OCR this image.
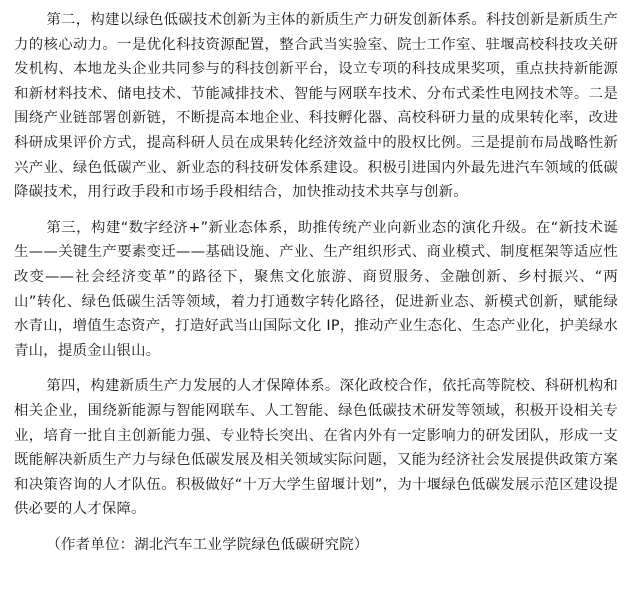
第二，构建以绿色低碳技术创新为主体的新质生产力研发创新体系。科技创新是新质生产力的核心动力。一是优化科技资源配置，整合武当实验室、院士工作室、驻堰高校科技攻关研发机构、本地龙头企业共同参与的科技创新平台，设立专项的科技成果奖项，重点扶持新能源和新材料技术、储电技术、节能减排技术、智能与网联车技术、分布式柔性电网技术等。二是围绕产业链部署创新链，不断提高本地企业、科技孵化器、高校科研力量的成果转化率，改进科研成果评价方式，提高科研人员在成果转化经济效益中的股权比例。三是提前布局战略性新兴产业、绿色低碳产业、新业态的科技研发体系建设。积极引进国内外最先进汽车领域的低碳降碳技术，用行政手段和市场手段相结合，加快推动技术共享与创新。

第三，构建“数字经济+”新业态体系，助推传统产业向新业态的演化升级。在“新技术诞生——关键生产要素变迁——基础设施、产业、生产组织形式、商业模式、制度框架等适应性改变——社会经济变革”的路径下，聚焦文化旅游、商贸服务、金融创新、乡村振兴、“两山”转化、绿色低碳生活等领域，着力打通数字转化路径，促进新业态、新模式创新，赋能绿水青山，增值生态资产，打造好武当山国际文化 IP，推动产业生态化、生态产业化，护美绿水青山，提质金山银山。

第四，构建新质生产力发展的人才保障体系。深化政校合作，依托高等院校、科研机构和相关企业，围绕新能源与智能网联车、人工智能、绿色低碳技术研发等领域，积极开设相关专业，培育一批自主创新能力强、专业特长突出、在省内外有一定影响力的研发团队，形成一支既能解决新质生产力与绿色低碳发展及相关领域实际问题，又能为经济社会发展提供政策方案和决策咨询的人才队伍。积极做好“十万大学生留堰计划”，为十堰绿色低碳发展示范区建设提供必要的人才保障。

（作者单位：湖北汽车工业学院绿色低碳研究院）
